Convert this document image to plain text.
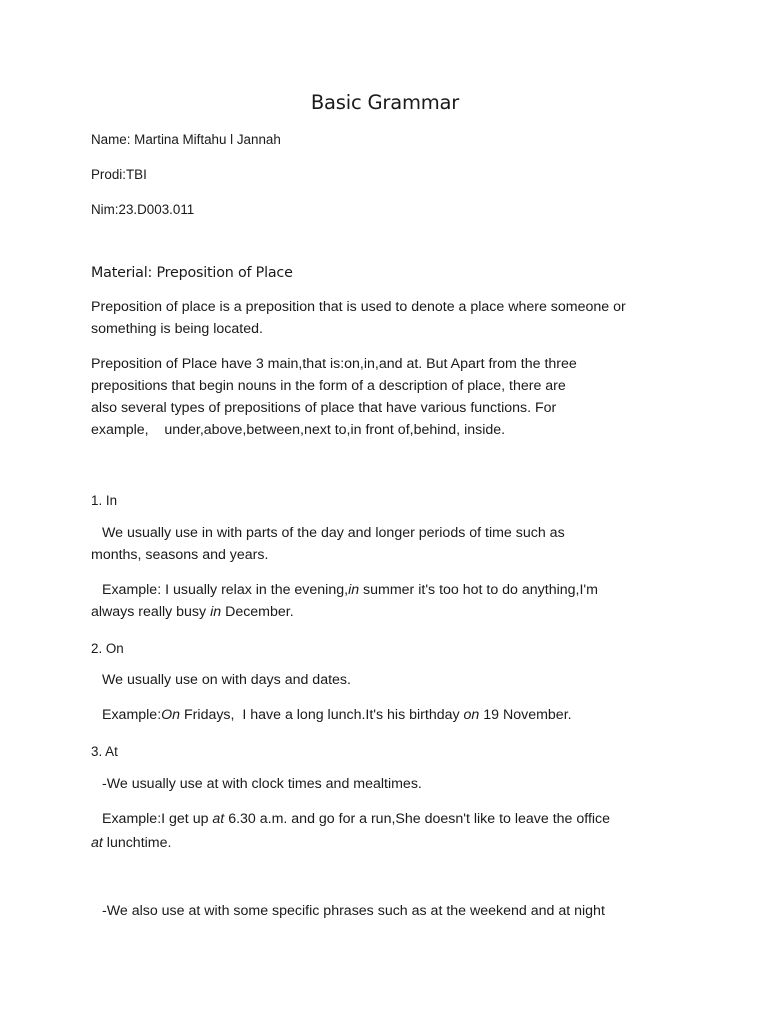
Basic Grammar
Name: Martina Miftahu l Jannah
Prodi:TBI
Nim:23.D003.011
Material: Preposition of Place
Preposition of place is a preposition that is used to denote a place where someone or
something is being located.
Preposition of Place have 3 main,that is:on,in,and at. But Apart from the three
prepositions that begin nouns in the form of a description of place, there are
also several types of prepositions of place that have various functions. For
example,    under,above,between,next to,in front of,behind, inside.
1. In
We usually use in with parts of the day and longer periods of time such as
months, seasons and years.
Example: I usually relax in the evening,in summer it's too hot to do anything,I'm
always really busy in December.
2. On
We usually use on with days and dates.
Example:On Fridays,  I have a long lunch.It's his birthday on 19 November.
3. At
-We usually use at with clock times and mealtimes.
Example:I get up at 6.30 a.m. and go for a run,She doesn't like to leave the office
at lunchtime.
-We also use at with some specific phrases such as at the weekend and at night
